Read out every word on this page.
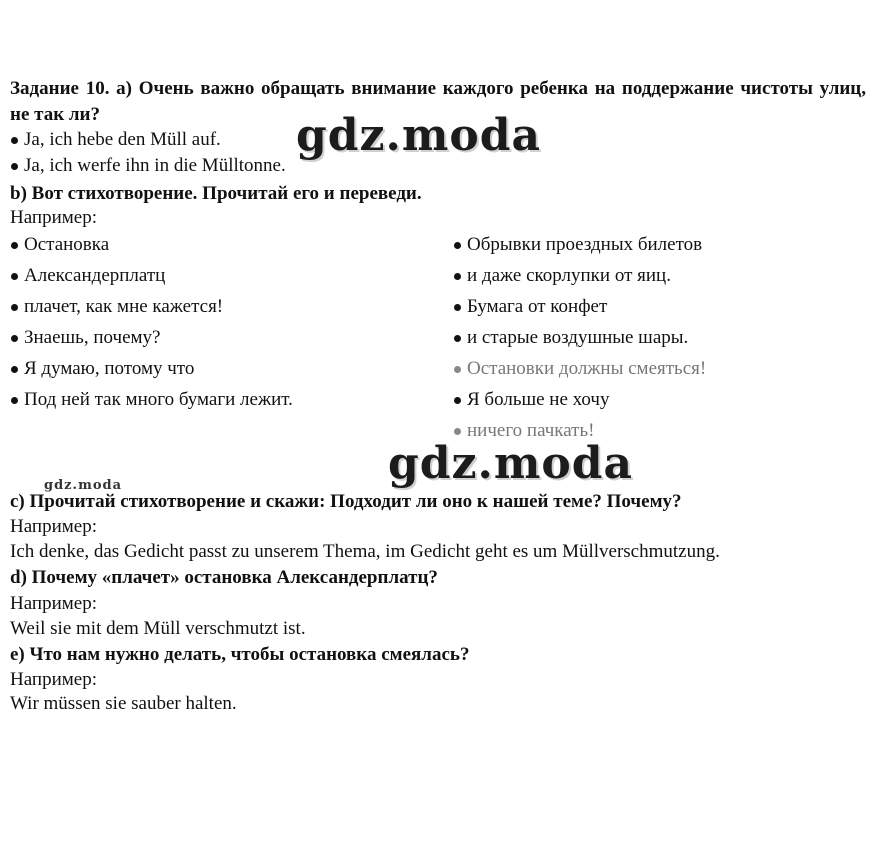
Задание 10. a) Очень важно обращать внимание каждого ребенка на поддержание чистоты улиц, не так ли?
Ja, ich hebe den Müll auf.
Ja, ich werfe ihn in die Mülltonne.
b) Вот стихотворение. Прочитай его и переведи.
Например:
Остановка
Александерплатц
плачет, как мне кажется!
Знаешь, почему?
Я думаю, потому что
Под ней так много бумаги лежит.
Обрывки проездных билетов
и даже скорлупки от яиц.
Бумага от конфет
и старые воздушные шары.
Остановки должны смеяться!
Я больше не хочу
ничего пачкать!
gdz.moda
gdz.moda
gdz.moda
c) Прочитай стихотворение и скажи: Подходит ли оно к нашей теме? Почему?
Например:
Ich denke, das Gedicht passt zu unserem Thema, im Gedicht geht es um Müllverschmutzung.
d) Почему «плачет» остановка Александерплатц?
Например:
Weil sie mit dem Müll verschmutzt ist.
e) Что нам нужно делать, чтобы остановка смеялась?
Например:
Wir müssen sie sauber halten.
